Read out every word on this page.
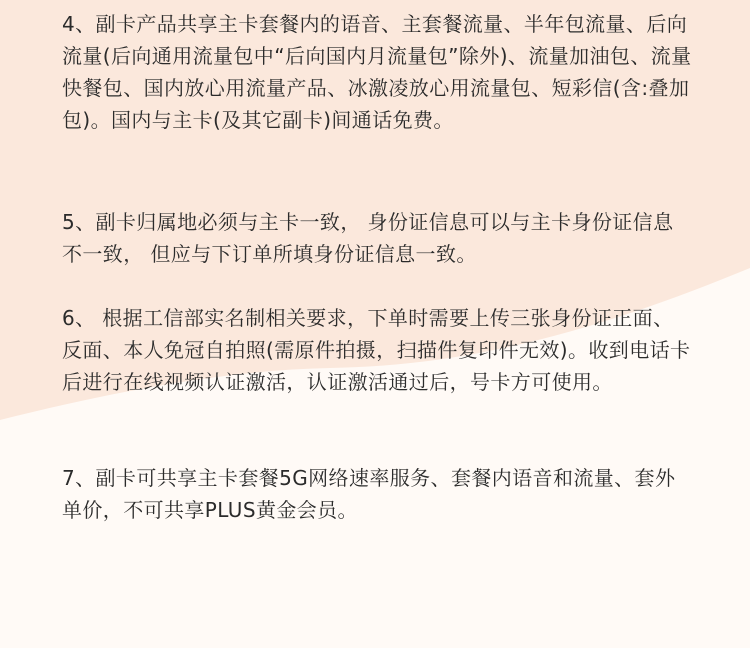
4、副卡产品共享主卡套餐内的语音、主套餐流量、半年包流量、后向流量(后向通用流量包中“后向国内月流量包”除外)、流量加油包、流量快餐包、国内放心用流量产品、冰激凌放心用流量包、短彩信(含:叠加包)。国内与主卡(及其它副卡)间通话免费。

5、副卡归属地必须与主卡一致， 身份证信息可以与主卡身份证信息不一致， 但应与下订单所填身份证信息一致。

6、 根据工信部实名制相关要求，下单时需要上传三张身份证正面、反面、本人免冠自拍照(需原件拍摄，扫描件复印件无效)。收到电话卡后进行在线视频认证激活，认证激活通过后，号卡方可使用。

7、副卡可共享主卡套餐5G网络速率服务、套餐内语音和流量、套外单价，不可共享PLUS黄金会员。
